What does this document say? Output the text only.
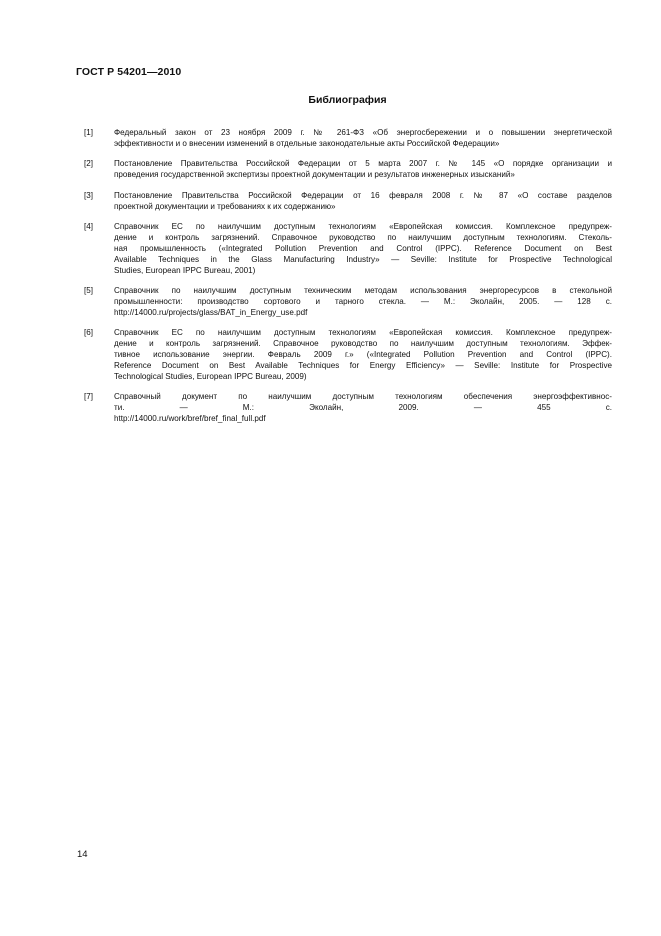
ГОСТ Р 54201—2010
Библиография
[1]	Федеральный закон от 23 ноября 2009 г. № 261-ФЗ «Об энергосбережении и о повышении энергетической
эффективности и о внесении изменений в отдельные законодательные акты Российской Федерации»
[2]	Постановление Правительства Российской Федерации от 5 марта 2007 г. № 145 «О порядке организации и
проведения государственной экспертизы проектной документации и результатов инженерных изысканий»
[3]	Постановление Правительства Российской Федерации от 16 февраля 2008 г. № 87 «О составе разделов
проектной документации и требованиях к их содержанию»
[4]	Справочник ЕС по наилучшим доступным технологиям «Европейская комиссия. Комплексное предупреж-
дение и контроль загрязнений. Справочное руководство по наилучшим доступным технологиям. Стеколь-
ная промышленность («Integrated Pollution Prevention and Control (IPPC). Reference Document on Best
Available Techniques in the Glass Manufacturing Industry» — Seville: Institute for Prospective Technological
Studies, European IPPC Bureau, 2001)
[5]	Справочник по наилучшим доступным техническим методам использования энергоресурсов в стекольной
промышленности: производство сортового и тарного стекла. — М.: Эколайн, 2005. — 128 с.
http://14000.ru/projects/glass/BAT_in_Energy_use.pdf
[6]	Справочник ЕС по наилучшим доступным технологиям «Европейская комиссия. Комплексное предупреж-
дение и контроль загрязнений. Справочное руководство по наилучшим доступным технологиям. Эффек-
тивное использование энергии. Февраль 2009 г.» («Integrated Pollution Prevention and Control (IPPC).
Reference Document on Best Available Techniques for Energy Efficiency» — Seville: Institute for Prospective
Technological Studies, European IPPC Bureau, 2009)
[7]	Справочный документ по наилучшим доступным технологиям обеспечения энергоэффективнос-
ти. — М.: Эколайн, 2009. — 455 с.
http://14000.ru/work/bref/bref_final_full.pdf
14
